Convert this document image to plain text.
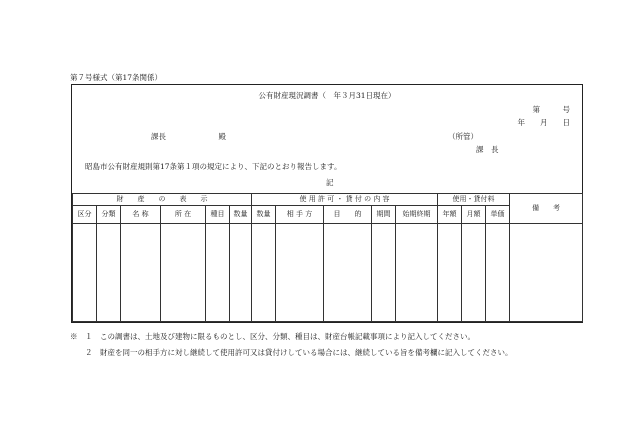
第７号様式（第17条関係）
公有財産現況調書（　年３月31日現在）
第　　　号
年　　月　　日
課長　　　　　　　殿	（所管）
課　長
昭島市公有財産規則第17条第１項の規定により、下記のとおり報告します。
記
財　　産　　の　　表　　示						使 用 許 可 ・ 貸 付 の 内 容					使用・貸付料			備　　考
区分	分類	名 称	所 在	種目	数量	数量	相 手 方	目　　的	期間	始期終期	年額	月額	単価	

※　１　この調書は、土地及び建物に限るものとし、区分、分類、種目は、財産台帳記載事項により記入してください。
　　２　財産を同一の相手方に対し継続して使用許可又は貸付けしている場合には、継続している旨を備考欄に記入してください。
